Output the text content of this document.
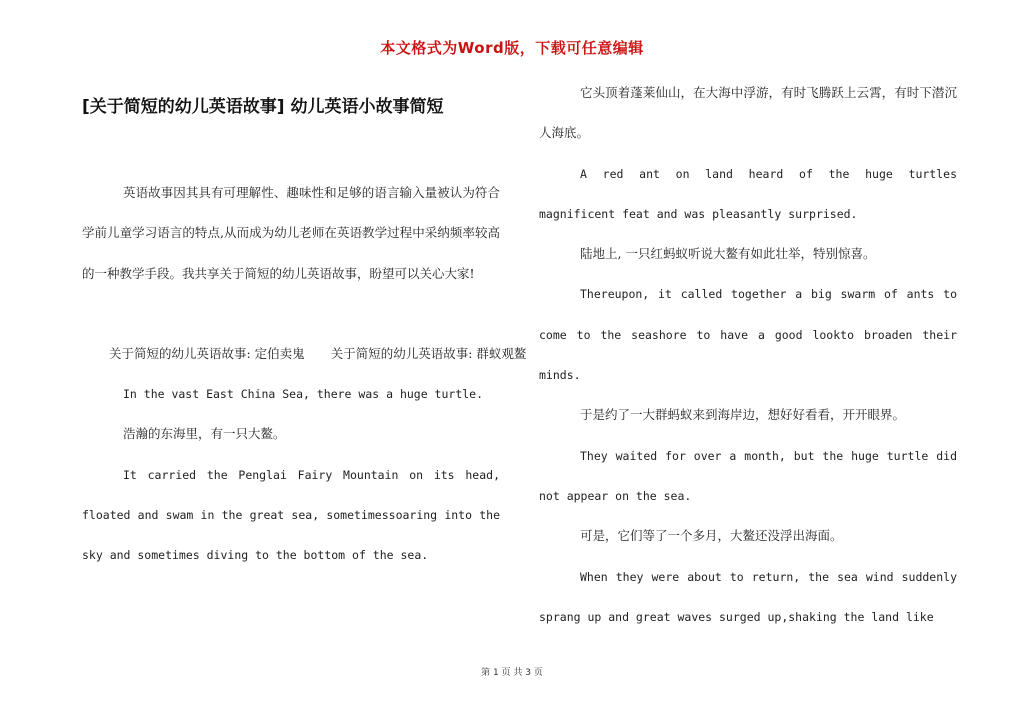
本文格式为Word版，下载可任意编辑
[关于简短的幼儿英语故事] 幼儿英语小故事简短

英语故事因其具有可理解性、趣味性和足够的语言输入量被认为符合学前儿童学习语言的特点,从而成为幼儿老师在英语教学过程中采纳频率较高的一种教学手段。我共享关于简短的幼儿英语故事，盼望可以关心大家!

关于简短的幼儿英语故事: 定伯卖鬼 关于简短的幼儿英语故事: 群蚁观鳌

In the vast East China Sea, there was a huge turtle.

浩瀚的东海里，有一只大鳌。

It carried the Penglai Fairy Mountain on its head, floated and swam in the great sea, sometimessoaring into the sky and sometimes diving to the bottom of the sea.

它头顶着蓬莱仙山，在大海中浮游，有时飞腾跃上云霄，有时下潜沉人海底。

A red ant on land heard of the huge turtles magnificent feat and was pleasantly surprised.

陆地上, 一只红蚂蚁听说大鳌有如此壮举，特别惊喜。

Thereupon, it called together a big swarm of ants to come to the seashore to have a good lookto broaden their minds.

于是约了一大群蚂蚁来到海岸边，想好好看看，开开眼界。

They waited for over a month, but the huge turtle did not appear on the sea.

可是，它们等了一个多月，大鳌还没浮出海面。

When they were about to return, the sea wind suddenly sprang up and great waves surged up,shaking the land like

第 1 页 共 3 页
